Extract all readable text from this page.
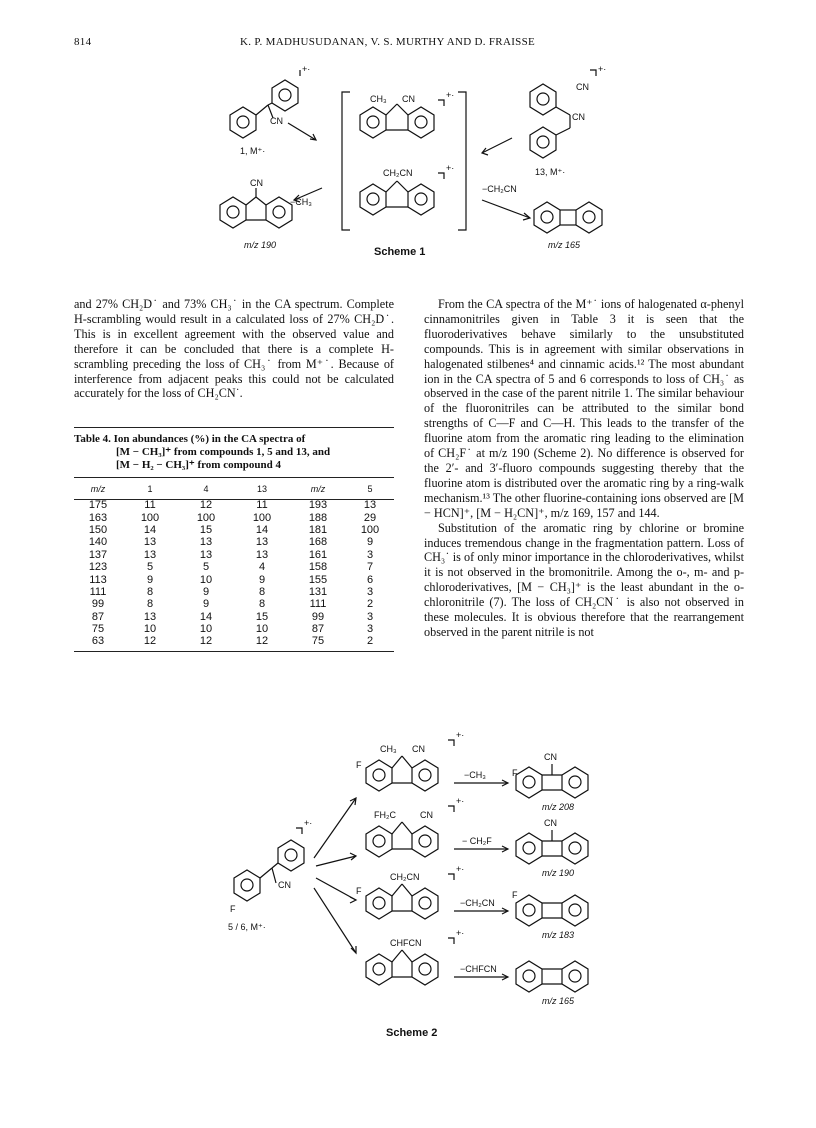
814	K. P. MADHUSUDANAN, V. S. MURTHY AND D. FRAISSE
CN
+·
1, M⁺·
CH₃ CN	+·
CH₂CN	+·
CN
CN
+·
13, M⁺·
−CH₂CN
−CH₃
CN
m/z 190	m/z 165
Scheme 1

and 27% CH₂D˙ and 73% CH₃˙ in the CA spectrum. Complete H-scrambling would result in a calculated loss of 27% CH₂D˙. This is in excellent agreement with the observed value and therefore it can be concluded that there is a complete H-scrambling preceding the loss of CH₃˙ from M⁺˙. Because of interference from adjacent peaks this could not be calculated accurately for the loss of CH₂CN˙.

Table 4. Ion abundances (%) in the CA spectra of
[M − CH₃]⁺ from compounds 1, 5 and 13, and
[M − H₂ − CH₃]⁺ from compound 4
m/z	1	4	13	m/z	5
175	11	12	11	193	13
163	100	100	100	188	29
150	14	15	14	181	100
140	13	13	13	168	9
137	13	13	13	161	3
123	5	5	4	158	7
113	9	10	9	155	6
111	8	9	8	131	3
99	8	9	8	111	2
87	13	14	15	99	3
75	10	10	10	87	3
63	12	12	12	75	2

From the CA spectra of the M⁺˙ ions of halogenated α-phenyl cinnamonitriles given in Table 3 it is seen that the fluoroderivatives behave similarly to the unsubstituted compounds. This is in agreement with similar observations in halogenated stilbenes⁴ and cinnamic acids.¹² The most abundant ion in the CA spectra of 5 and 6 corresponds to loss of CH₃˙ as observed in the case of the parent nitrile 1. The similar behaviour of the fluoronitriles can be attributed to the similar bond strengths of C—F and C—H. This leads to the transfer of the fluorine atom from the aromatic ring leading to the elimination of CH₂F˙ at m/z 190 (Scheme 2). No difference is observed for the 2′- and 3′-fluoro compounds suggesting thereby that the fluorine atom is distributed over the aromatic ring by a ring-walk mechanism.¹³ The other fluorine-containing ions observed are [M − HCN]⁺, [M − H₂CN]⁺, m/z 169, 157 and 144.

Substitution of the aromatic ring by chlorine or bromine induces tremendous change in the fragmentation pattern. Loss of CH₃˙ is of only minor importance in the chloroderivatives, whilst it is not observed in the bromonitrile. Among the o-, m- and p-chloroderivatives, [M − CH₃]⁺ is the least abundant in the o-chloronitrile (7). The loss of CH₂CN˙ is also not observed in these molecules. It is obvious therefore that the rearrangement observed in the parent nitrile is not

CN
F
+·
5 / 6, M⁺·
F
CH₃ CN
+·
−CH₃
CN
F
m/z 208
FH₂C	CN
+·
− CH₂F
CN
m/z 190
F
CH₂CN
+·
−CH₂CN
F
m/z 183
CHFCN
+·
−CHFCN
m/z 165
Scheme 2
